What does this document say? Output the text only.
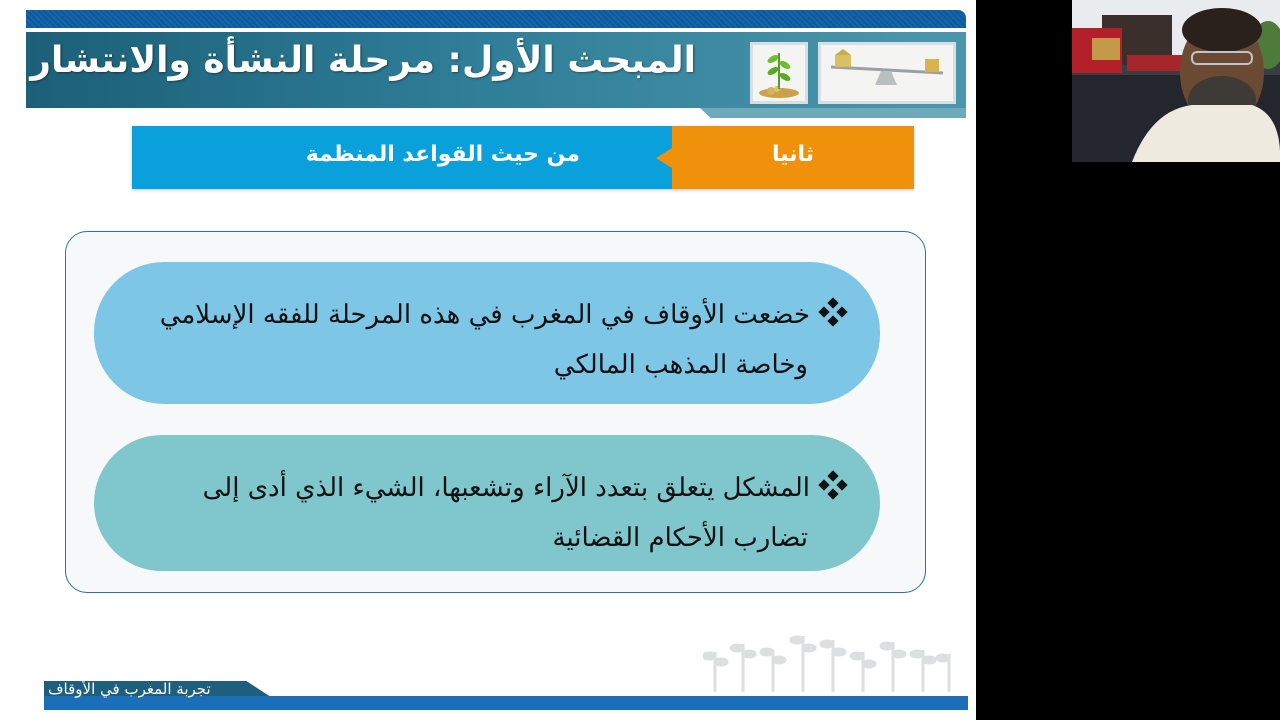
المبحث الأول: مرحلة النشأة والانتشار
من حيث القواعد المنظمة	ثانيا
خضعت الأوقاف في المغرب في هذه المرحلة للفقه الإسلامي
وخاصة المذهب المالكي
المشكل يتعلق بتعدد الآراء وتشعبها، الشيء الذي أدى إلى
تضارب الأحكام القضائية
تجربة المغرب في الأوقاف
